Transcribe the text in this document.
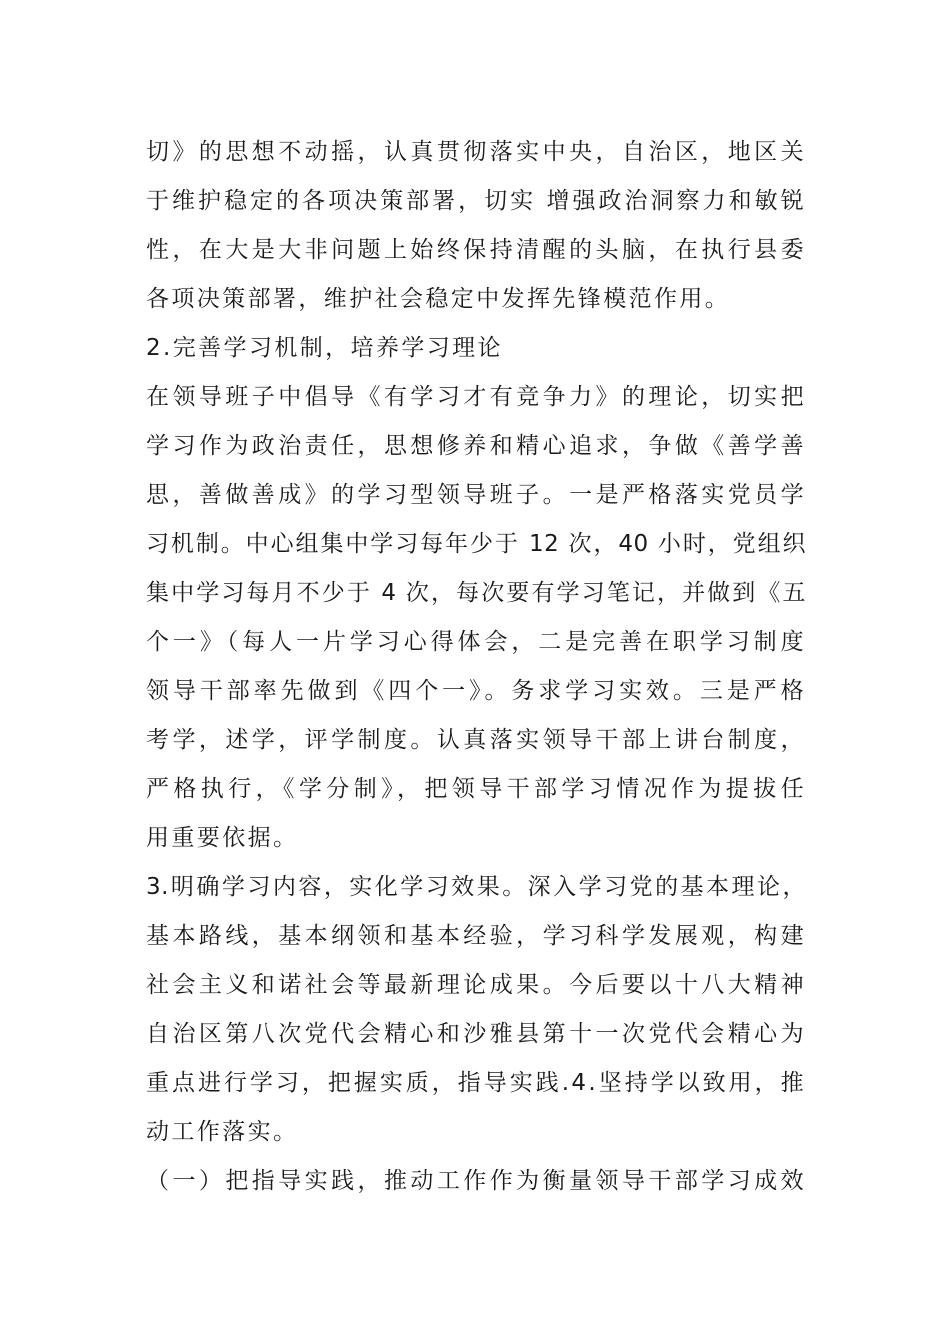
切》的思想不动摇，认真贯彻落实中央，自治区，地区关
于维护稳定的各项决策部署，切实 增强政治洞察力和敏锐
性，在大是大非问题上始终保持清醒的头脑，在执行县委
各项决策部署，维护社会稳定中发挥先锋模范作用。
2.完善学习机制，培养学习理论
在领导班子中倡导《有学习才有竞争力》的理论，切实把
学习作为政治责任，思想修养和精心追求，争做《善学善
思，善做善成》的学习型领导班子。一是严格落实党员学
习机制。中心组集中学习每年少于 12 次，40 小时，党组织
集中学习每月不少于 4 次，每次要有学习笔记，并做到《五
个一》（每人一片学习心得体会，二是完善在职学习制度
领导干部率先做到《四个一》。务求学习实效。三是严格
考学，述学，评学制度。认真落实领导干部上讲台制度，
严格执行，《学分制》，把领导干部学习情况作为提拔任
用重要依据。
3.明确学习内容，实化学习效果。深入学习党的基本理论，
基本路线，基本纲领和基本经验，学习科学发展观，构建
社会主义和诺社会等最新理论成果。今后要以十八大精神
自治区第八次党代会精心和沙雅县第十一次党代会精心为
重点进行学习，把握实质，指导实践.4.坚持学以致用，推
动工作落实。
（一）把指导实践，推动工作作为衡量领导干部学习成效
